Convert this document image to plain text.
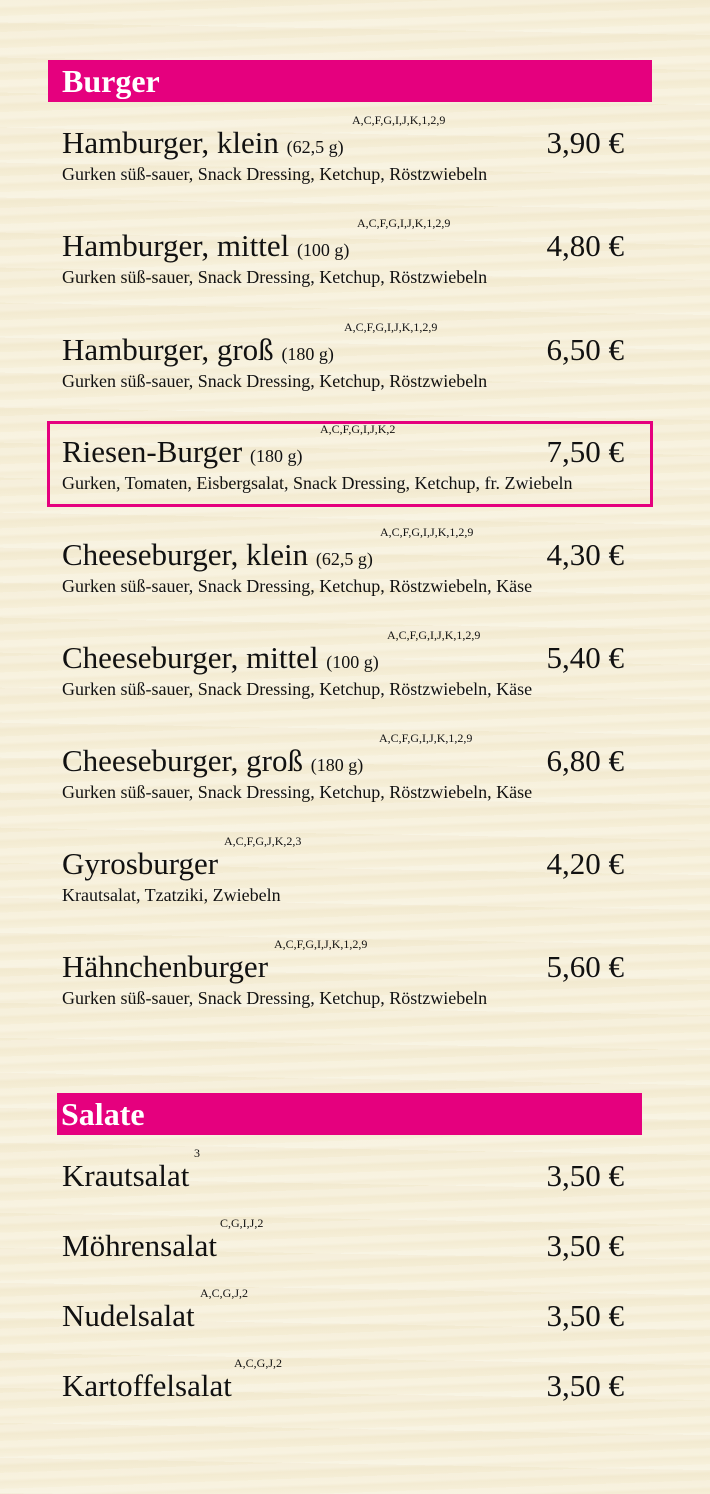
Burger
Hamburger, klein (62,5 g)
A,C,F,G,I,J,K,1,2,9
3,90 €
Gurken süß-sauer, Snack Dressing, Ketchup, Röstzwiebeln
Hamburger, mittel (100 g)
A,C,F,G,I,J,K,1,2,9
4,80 €
Gurken süß-sauer, Snack Dressing, Ketchup, Röstzwiebeln
Hamburger, groß (180 g)
A,C,F,G,I,J,K,1,2,9
6,50 €
Gurken süß-sauer, Snack Dressing, Ketchup, Röstzwiebeln
Riesen-Burger (180 g)
A,C,F,G,I,J,K,2
7,50 €
Gurken, Tomaten, Eisbergsalat, Snack Dressing, Ketchup, fr. Zwiebeln
Cheeseburger, klein (62,5 g)
A,C,F,G,I,J,K,1,2,9
4,30 €
Gurken süß-sauer, Snack Dressing, Ketchup, Röstzwiebeln, Käse
Cheeseburger, mittel (100 g)
A,C,F,G,I,J,K,1,2,9
5,40 €
Gurken süß-sauer, Snack Dressing, Ketchup, Röstzwiebeln, Käse
Cheeseburger, groß (180 g)
A,C,F,G,I,J,K,1,2,9
6,80 €
Gurken süß-sauer, Snack Dressing, Ketchup, Röstzwiebeln, Käse
Gyrosburger
A,C,F,G,J,K,2,3
4,20 €
Krautsalat, Tzatziki, Zwiebeln
Hähnchenburger
A,C,F,G,I,J,K,1,2,9
5,60 €
Gurken süß-sauer, Snack Dressing, Ketchup, Röstzwiebeln
Salate
Krautsalat
3
3,50 €
Möhrensalat
C,G,I,J,2
3,50 €
Nudelsalat
A,C,G,J,2
3,50 €
Kartoffelsalat
A,C,G,J,2
3,50 €
